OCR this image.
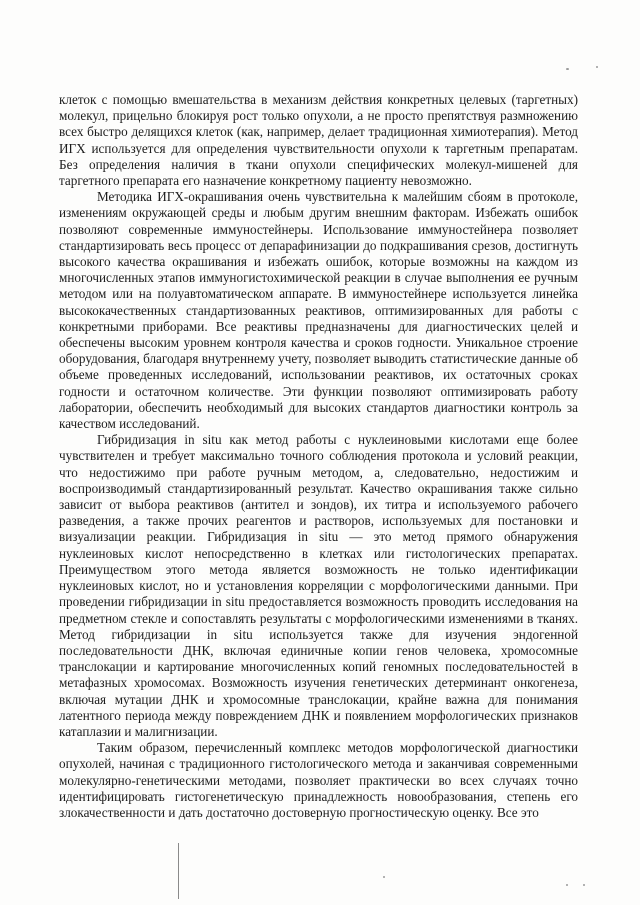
клеток с помощью вмешательства в механизм действия конкретных целевых (таргетных) молекул, прицельно блокируя рост только опухоли, а не просто препятствуя размножению всех быстро делящихся клеток (как, например, делает традиционная химиотерапия). Метод ИГХ используется для определения чувствительности опухоли к таргетным препаратам. Без определения наличия в ткани опухоли специфических молекул-мишеней для таргетного препарата его назначение конкретному пациенту невозможно.

Методика ИГХ-окрашивания очень чувствительна к малейшим сбоям в протоколе, изменениям окружающей среды и любым другим внешним факторам. Избежать ошибок позволяют современные иммуностейнеры. Использование иммуностейнера позволяет стандартизировать весь процесс от депарафинизации до подкрашивания срезов, достигнуть высокого качества окрашивания и избежать ошибок, которые возможны на каждом из многочисленных этапов иммуногистохимической реакции в случае выполнения ее ручным методом или на полуавтоматическом аппарате. В иммуностейнере используется линейка высококачественных стандартизованных реактивов, оптимизированных для работы с конкретными приборами. Все реактивы предназначены для диагностических целей и обеспечены высоким уровнем контроля качества и сроков годности. Уникальное строение оборудования, благодаря внутреннему учету, позволяет выводить статистические данные об объеме проведенных исследований, использовании реактивов, их остаточных сроках годности и остаточном количестве. Эти функции позволяют оптимизировать работу лаборатории, обеспечить необходимый для высоких стандартов диагностики контроль за качеством исследований.

Гибридизация in situ как метод работы с нуклеиновыми кислотами еще более чувствителен и требует максимально точного соблюдения протокола и условий реакции, что недостижимо при работе ручным методом, а, следовательно, недостижим и воспроизводимый стандартизированный результат. Качество окрашивания также сильно зависит от выбора реактивов (антител и зондов), их титра и используемого рабочего разведения, а также прочих реагентов и растворов, используемых для постановки и визуализации реакции. Гибридизация in situ — это метод прямого обнаружения нуклеиновых кислот непосредственно в клетках или гистологических препаратах. Преимуществом этого метода является возможность не только идентификации нуклеиновых кислот, но и установления корреляции с морфологическими данными. При проведении гибридизации in situ предоставляется возможность проводить исследования на предметном стекле и сопоставлять результаты с морфологическими изменениями в тканях. Метод гибридизации in situ используется также для изучения эндогенной последовательности ДНК, включая единичные копии генов человека, хромосомные транслокации и картирование многочисленных копий геномных последовательностей в метафазных хромосомах. Возможность изучения генетических детерминант онкогенеза, включая мутации ДНК и хромосомные транслокации, крайне важна для понимания латентного периода между повреждением ДНК и появлением морфологических признаков катаплазии и малигнизации.

Таким образом, перечисленный комплекс методов морфологической диагностики опухолей, начиная с традиционного гистологического метода и заканчивая современными молекулярно-генетическими методами, позволяет практически во всех случаях точно идентифицировать гистогенетическую принадлежность новообразования, степень его злокачественности и дать достаточно достоверную прогностическую оценку. Все это
